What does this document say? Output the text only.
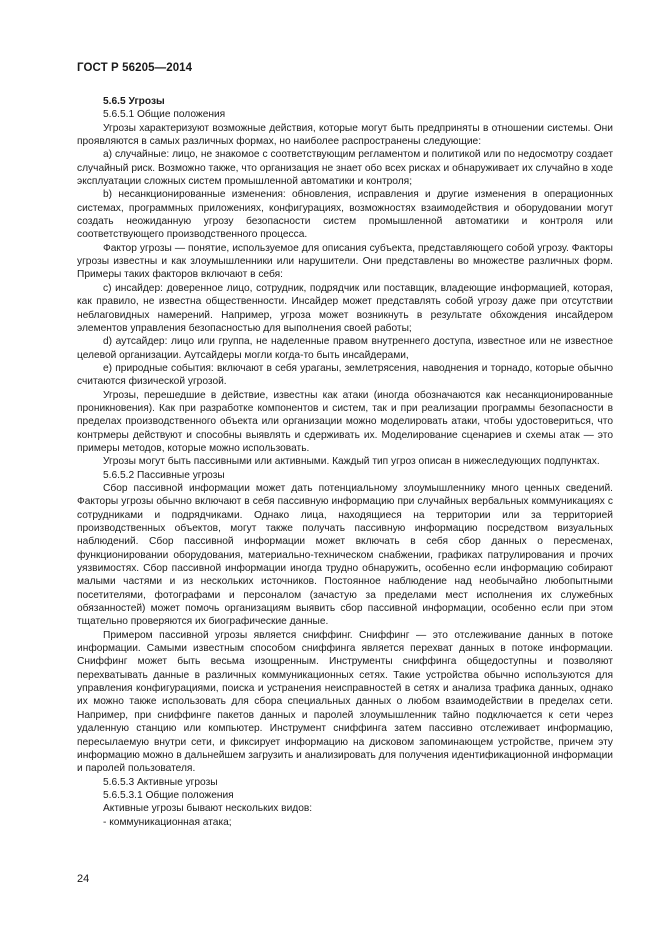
ГОСТ Р 56205—2014

5.6.5 Угрозы

5.6.5.1 Общие положения

Угрозы характеризуют возможные действия, которые могут быть предприняты в отношении системы. Они проявляются в самых различных формах, но наиболее распространены следующие:

a) случайные: лицо, не знакомое с соответствующим регламентом и политикой или по недосмотру создает случайный риск. Возможно также, что организация не знает обо всех рисках и обнаруживает их случайно в ходе эксплуатации сложных систем промышленной автоматики и контроля;

b) несанкционированные изменения: обновления, исправления и другие изменения в операционных системах, программных приложениях, конфигурациях, возможностях взаимодействия и оборудовании могут создать неожиданную угрозу безопасности систем промышленной автоматики и контроля или соответствующего производственного процесса.

Фактор угрозы — понятие, используемое для описания субъекта, представляющего собой угрозу. Факторы угрозы известны и как злоумышленники или нарушители. Они представлены во множестве различных форм. Примеры таких факторов включают в себя:

c) инсайдер: доверенное лицо, сотрудник, подрядчик или поставщик, владеющие информацией, которая, как правило, не известна общественности. Инсайдер может представлять собой угрозу даже при отсутствии неблаговидных намерений. Например, угроза может возникнуть в результате обхождения инсайдером элементов управления безопасностью для выполнения своей работы;

d) аутсайдер: лицо или группа, не наделенные правом внутреннего доступа, известное или не известное целевой организации. Аутсайдеры могли когда-то быть инсайдерами,

e) природные события: включают в себя ураганы, землетрясения, наводнения и торнадо, которые обычно считаются физической угрозой.

Угрозы, перешедшие в действие, известны как атаки (иногда обозначаются как несанкционированные проникновения). Как при разработке компонентов и систем, так и при реализации программы безопасности в пределах производственного объекта или организации можно моделировать атаки, чтобы удостовериться, что контрмеры действуют и способны выявлять и сдерживать их. Моделирование сценариев и схемы атак — это примеры методов, которые можно использовать.

Угрозы могут быть пассивными или активными. Каждый тип угроз описан в нижеследующих подпунктах.

5.6.5.2 Пассивные угрозы

Сбор пассивной информации может дать потенциальному злоумышленнику много ценных сведений. Факторы угрозы обычно включают в себя пассивную информацию при случайных вербальных коммуникациях с сотрудниками и подрядчиками. Однако лица, находящиеся на территории или за территорией производственных объектов, могут также получать пассивную информацию посредством визуальных наблюдений. Сбор пассивной информации может включать в себя сбор данных о пересменах, функционировании оборудования, материально-техническом снабжении, графиках патрулирования и прочих уязвимостях. Сбор пассивной информации иногда трудно обнаружить, особенно если информацию собирают малыми частями и из нескольких источников. Постоянное наблюдение над необычайно любопытными посетителями, фотографами и персоналом (зачастую за пределами мест исполнения их служебных обязанностей) может помочь организациям выявить сбор пассивной информации, особенно если при этом тщательно проверяются их биографические данные.

Примером пассивной угрозы является сниффинг. Сниффинг — это отслеживание данных в потоке информации. Самыми известным способом сниффинга является перехват данных в потоке информации. Сниффинг может быть весьма изощренным. Инструменты сниффинга общедоступны и позволяют перехватывать данные в различных коммуникационных сетях. Такие устройства обычно используются для управления конфигурациями, поиска и устранения неисправностей в сетях и анализа трафика данных, однако их можно также использовать для сбора специальных данных о любом взаимодействии в пределах сети. Например, при сниффинге пакетов данных и паролей злоумышленник тайно подключается к сети через удаленную станцию или компьютер. Инструмент сниффинга затем пассивно отслеживает информацию, пересылаемую внутри сети, и фиксирует информацию на дисковом запоминающем устройстве, причем эту информацию можно в дальнейшем загрузить и анализировать для получения идентификационной информации и паролей пользователя.

5.6.5.3 Активные угрозы

5.6.5.3.1 Общие положения

Активные угрозы бывают нескольких видов:

- коммуникационная атака;

24
